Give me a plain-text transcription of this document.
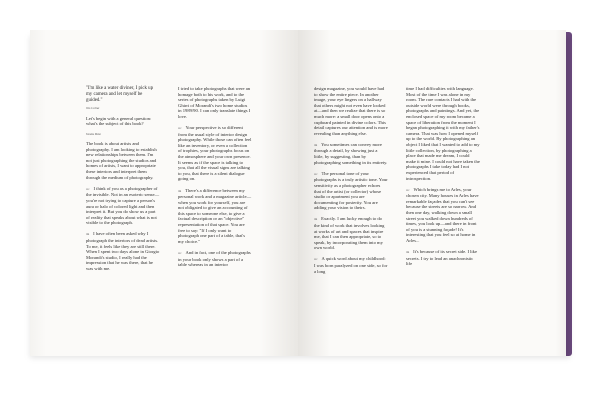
"I'm like a water diviner, I pick up my camera and let myself be guided."

Wes Coviner

Let's begin with a general question: what's the subject of this book?

Tenente Malet

The book is about artists and photography. I am looking to establish new relationships between them. I'm not just photographing the studios and homes of artists, I want to appropriate these interiors and interpret them through the medium of photography.

wc I think of you as a photographer of the invisible. Not in an esoteric sense—you're not trying to capture a person's aura or halo of colored light and then interpret it. But you do show us a part of reality that speaks about what is not visible to the photograph.

tm I have often been asked why I photograph the interiors of dead artists. To me, it feels like they are still there. When I spent two days alone in Giorgio Morandi's studio, I really had the impression that he was there, that he was with me.

I tried to take photographs that were an homage both to his work, and to the series of photographs taken by Luigi Ghirri of Morandi's two home studios in 1989/90. I can only translate things I love.

wc Your perspective is so different from the usual style of interior design photography. While those can often feel like an inventory, or even a collection of trophies, your photographs focus on the atmosphere and your own presence. It seems as if the space is talking to you, that all the visual signs are talking to you, that there is a silent dialogue going on.

tm There's a difference between my personal work and a magazine article—when you work for yourself, you are not obligated to give an accounting of this space to someone else, to give a factual description or an "objective" representation of that space. You are free to say: "If I only want to photograph one part of a table, that's my choice."

wc And in fact, one of the photographs in your book only shows a part of a table whereas in an interior

design magazine, you would have had to show the entire piece. In another image, your eye lingers on a hallway that others might not even have looked at—and then we realize that there is so much more: a small door opens onto a cupboard painted in divine colors. This detail captures our attention and is more revealing than anything else.

tm You sometimes can convey more through a detail, by showing just a little, by suggesting, than by photographing something in its entirety.

wc The personal tone of your photographs is a truly artistic tone. Your sensitivity as a photographer echoes that of the artist (or collector) whose studio or apartment you are documenting for posterity. You are adding your vision to theirs.

tm Exactly. I am lucky enough to do the kind of work that involves looking at works of art and spaces that inspire me, that I can then appropriate, so to speak, by incorporating them into my own world.

wc A quick word about my childhood: I was born paralyzed on one side, so for a long

time I had difficulties with language. Most of the time I was alone in my room. The rare contacts I had with the outside world were through books, photographs and paintings. And yet, the enclosed space of my room became a space of liberation from the moment I began photographing it with my father's camera. That was how I opened myself up to the world. By photographing an object I liked that I wanted to add to my little collection, by photographing a place that made me dream, I could make it mine. I could not have taken the photographs I take today had I not experienced that period of introspection.

wc Which brings me to Arles, your chosen city. Many houses in Arles have remarkable façades that you can't see because the streets are so narrow. And then one day, walking down a small street you walked down hundreds of times, you look up—and there in front of you is a stunning façade! It's interesting that you feel so at home in Arles...

tm It's because of its secret side. I like secrets. I try to lead an anachronistic life
